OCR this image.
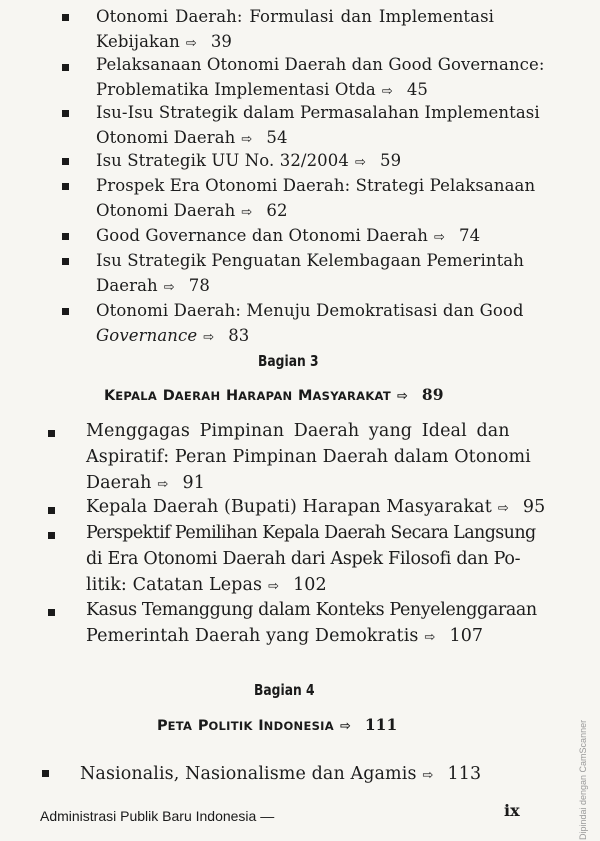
Otonomi Daerah: Formulasi dan Implementasi
Kebijakan ⇨ 39
Pelaksanaan Otonomi Daerah dan Good Governance:
Problematika Implementasi Otda ⇨ 45
Isu-Isu Strategik dalam Permasalahan Implementasi
Otonomi Daerah ⇨ 54
Isu Strategik UU No. 32/2004 ⇨ 59
Prospek Era Otonomi Daerah: Strategi Pelaksanaan
Otonomi Daerah ⇨ 62
Good Governance dan Otonomi Daerah ⇨ 74
Isu Strategik Penguatan Kelembagaan Pemerintah
Daerah ⇨ 78
Otonomi Daerah: Menuju Demokratisasi dan Good
Governance ⇨ 83
Bagian 3
KEPALA DAERAH HARAPAN MASYARAKAT ⇨ 89
Menggagas Pimpinan Daerah yang Ideal dan
Aspiratif: Peran Pimpinan Daerah dalam Otonomi
Daerah ⇨ 91
Kepala Daerah (Bupati) Harapan Masyarakat ⇨ 95
Perspektif Pemilihan Kepala Daerah Secara Langsung
di Era Otonomi Daerah dari Aspek Filosofi dan Po-
litik: Catatan Lepas ⇨ 102
Kasus Temanggung dalam Konteks Penyelenggaraan
Pemerintah Daerah yang Demokratis ⇨ 107
Bagian 4
PETA POLITIK INDONESIA ⇨ 111
Nasionalis, Nasionalisme dan Agamis ⇨ 113
Administrasi Publik Baru Indonesia —	ix	Dipindai dengan CamScanner
